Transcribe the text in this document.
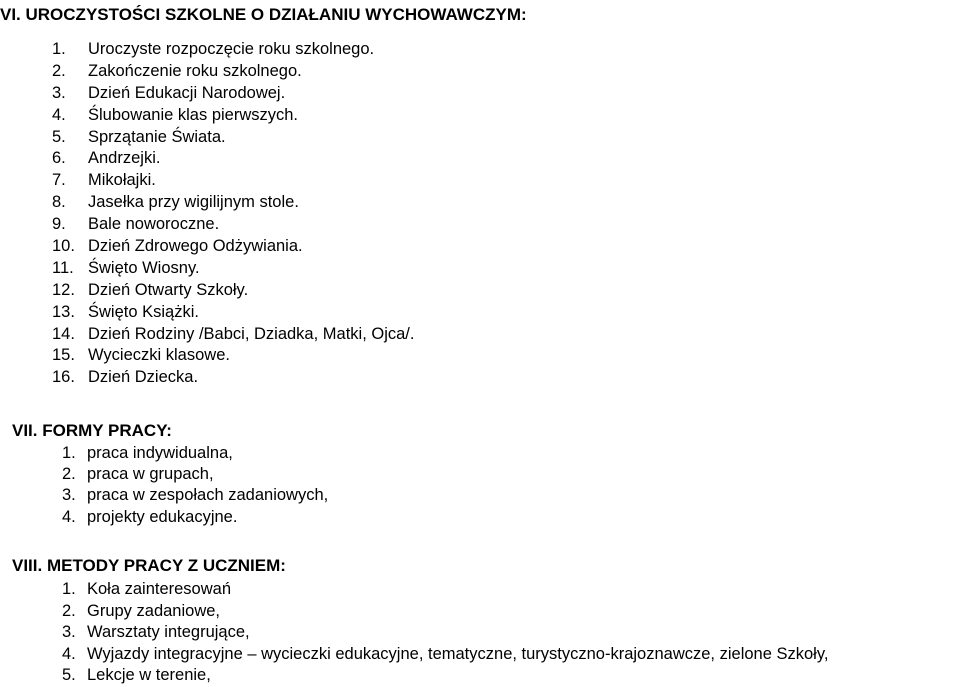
VI. UROCZYSTOŚCI SZKOLNE O DZIAŁANIU WYCHOWAWCZYM:
1. Uroczyste rozpoczęcie roku szkolnego.
2. Zakończenie roku szkolnego.
3. Dzień Edukacji Narodowej.
4. Ślubowanie klas pierwszych.
5. Sprzątanie Świata.
6. Andrzejki.
7. Mikołajki.
8. Jasełka przy wigilijnym stole.
9. Bale noworoczne.
10. Dzień Zdrowego Odżywiania.
11. Święto Wiosny.
12. Dzień Otwarty Szkoły.
13. Święto Książki.
14. Dzień Rodziny /Babci, Dziadka, Matki, Ojca/.
15. Wycieczki klasowe.
16. Dzień Dziecka.
VII. FORMY PRACY:
1. praca indywidualna,
2. praca w grupach,
3. praca w zespołach zadaniowych,
4. projekty edukacyjne.
VIII. METODY PRACY Z UCZNIEM:
1. Koła zainteresowań
2. Grupy zadaniowe,
3. Warsztaty integrujące,
4. Wyjazdy integracyjne – wycieczki edukacyjne, tematyczne, turystyczno-krajoznawcze, zielone Szkoły,
5. Lekcje w terenie,
